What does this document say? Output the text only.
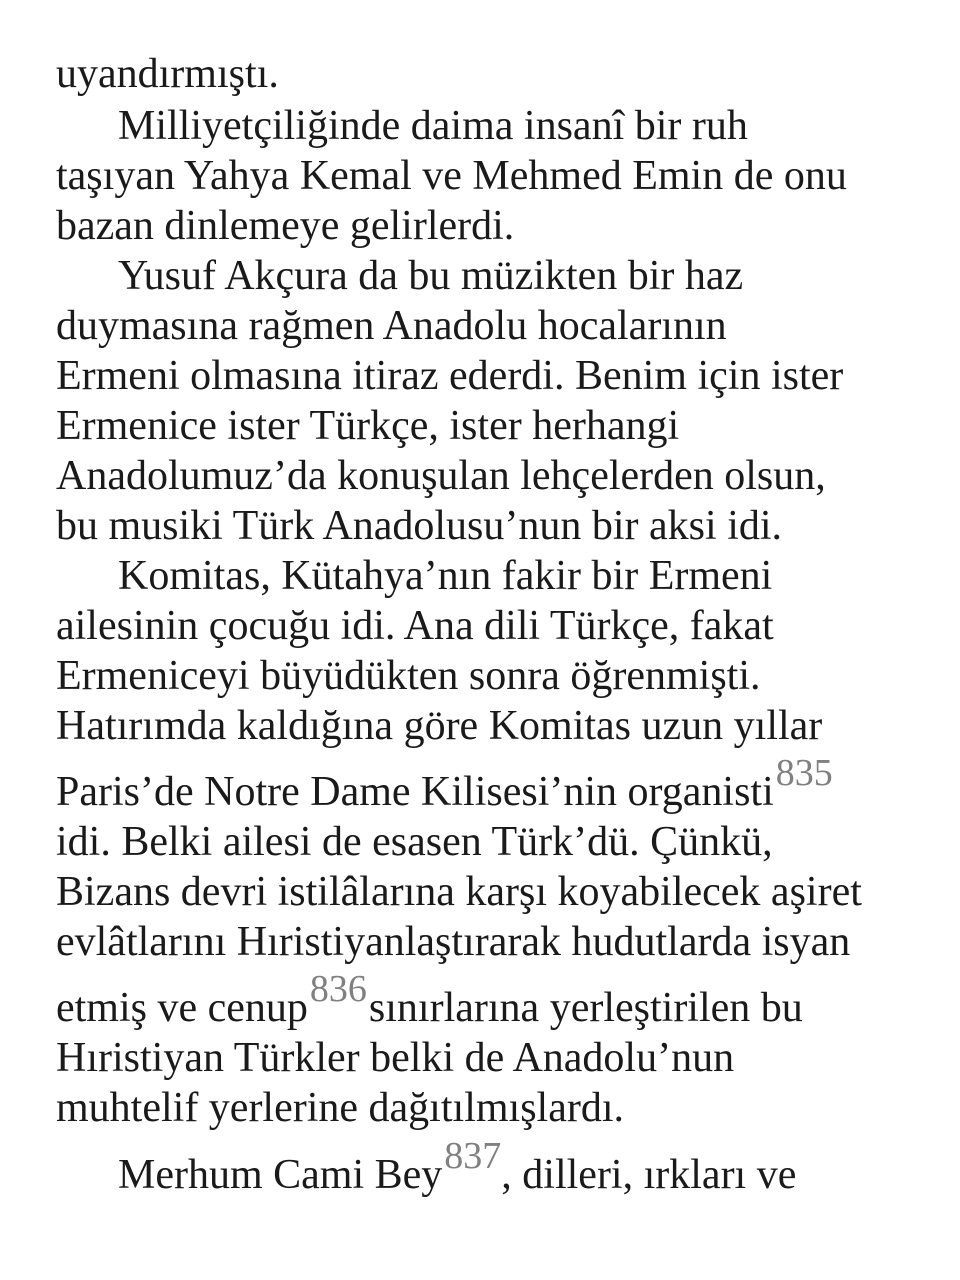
uyandırmıştı.
Milliyetçiliğinde daima insanî bir ruh
taşıyan Yahya Kemal ve Mehmed Emin de onu
bazan dinlemeye gelirlerdi.
Yusuf Akçura da bu müzikten bir haz
duymasına rağmen Anadolu hocalarının
Ermeni olmasına itiraz ederdi. Benim için ister
Ermenice ister Türkçe, ister herhangi
Anadolumuz’da konuşulan lehçelerden olsun,
bu musiki Türk Anadolusu’nun bir aksi idi.
Komitas, Kütahya’nın fakir bir Ermeni
ailesinin çocuğu idi. Ana dili Türkçe, fakat
Ermeniceyi büyüdükten sonra öğrenmişti.
Hatırımda kaldığına göre Komitas uzun yıllar
Paris’de Notre Dame Kilisesi’nin organisti835
idi. Belki ailesi de esasen Türk’dü. Çünkü,
Bizans devri istilâlarına karşı koyabilecek aşiret
evlâtlarını Hıristiyanlaştırarak hudutlarda isyan
etmiş ve cenup836sınırlarına yerleştirilen bu
Hıristiyan Türkler belki de Anadolu’nun
muhtelif yerlerine dağıtılmışlardı.
Merhum Cami Bey837, dilleri, ırkları ve
